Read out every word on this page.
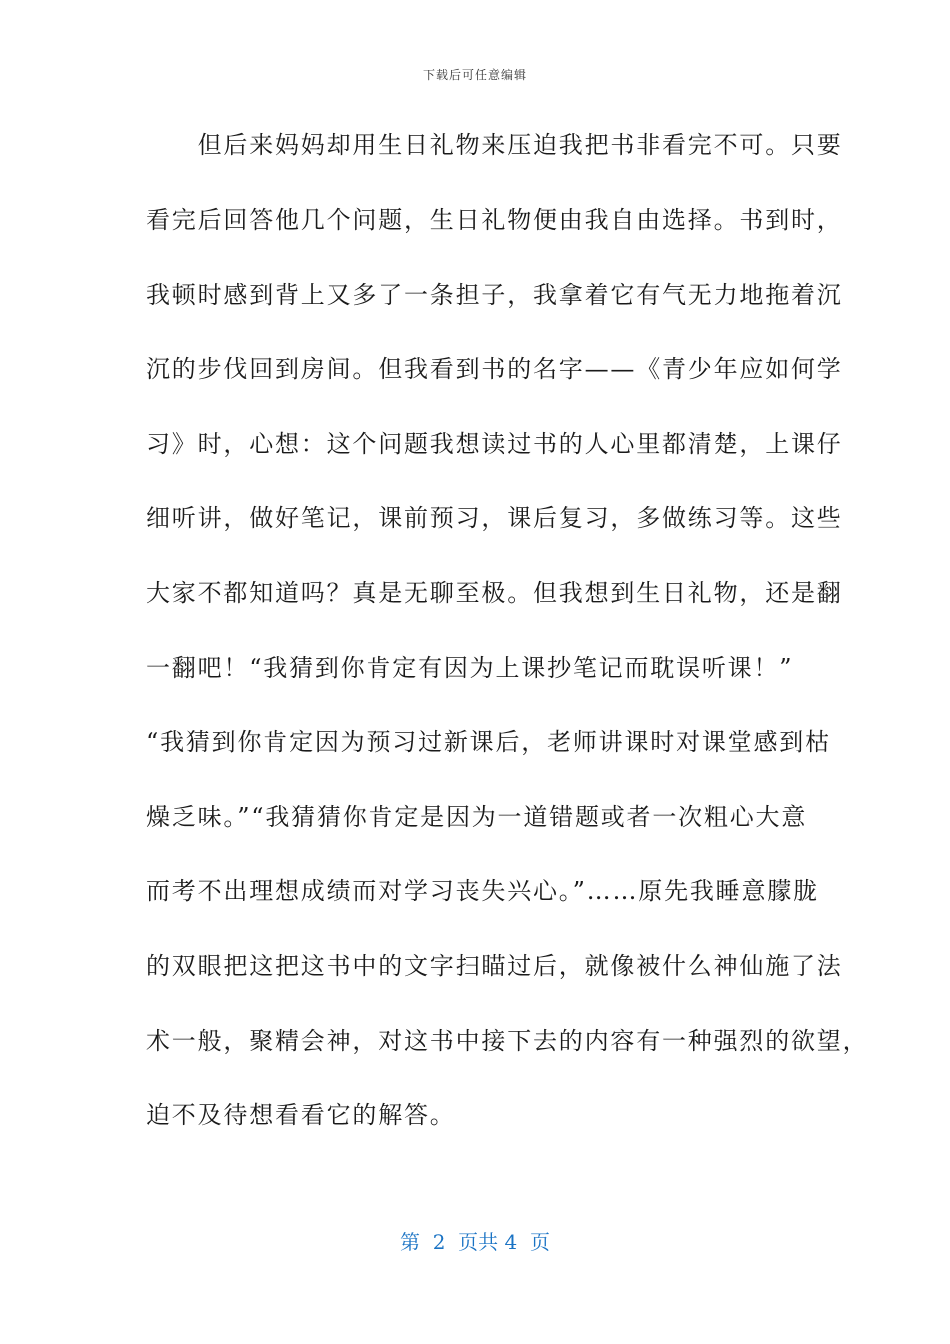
下载后可任意编辑
　　但后来妈妈却用生日礼物来压迫我把书非看完不可。只要
看完后回答他几个问题，生日礼物便由我自由选择。书到时，
我顿时感到背上又多了一条担子，我拿着它有气无力地拖着沉
沉的步伐回到房间。但我看到书的名字——《青少年应如何学
习》时，心想：这个问题我想读过书的人心里都清楚，上课仔
细听讲，做好笔记，课前预习，课后复习，多做练习等。这些
大家不都知道吗？真是无聊至极。但我想到生日礼物，还是翻
一翻吧！“我猜到你肯定有因为上课抄笔记而耽误听课！”
“我猜到你肯定因为预习过新课后，老师讲课时对课堂感到枯
燥乏味。”“我猜猜你肯定是因为一道错题或者一次粗心大意
而考不出理想成绩而对学习丧失兴心。”……原先我睡意朦胧
的双眼把这把这书中的文字扫瞄过后，就像被什么神仙施了法
术一般，聚精会神，对这书中接下去的内容有一种强烈的欲望，
迫不及待想看看它的解答。
第  2  页共 4  页
